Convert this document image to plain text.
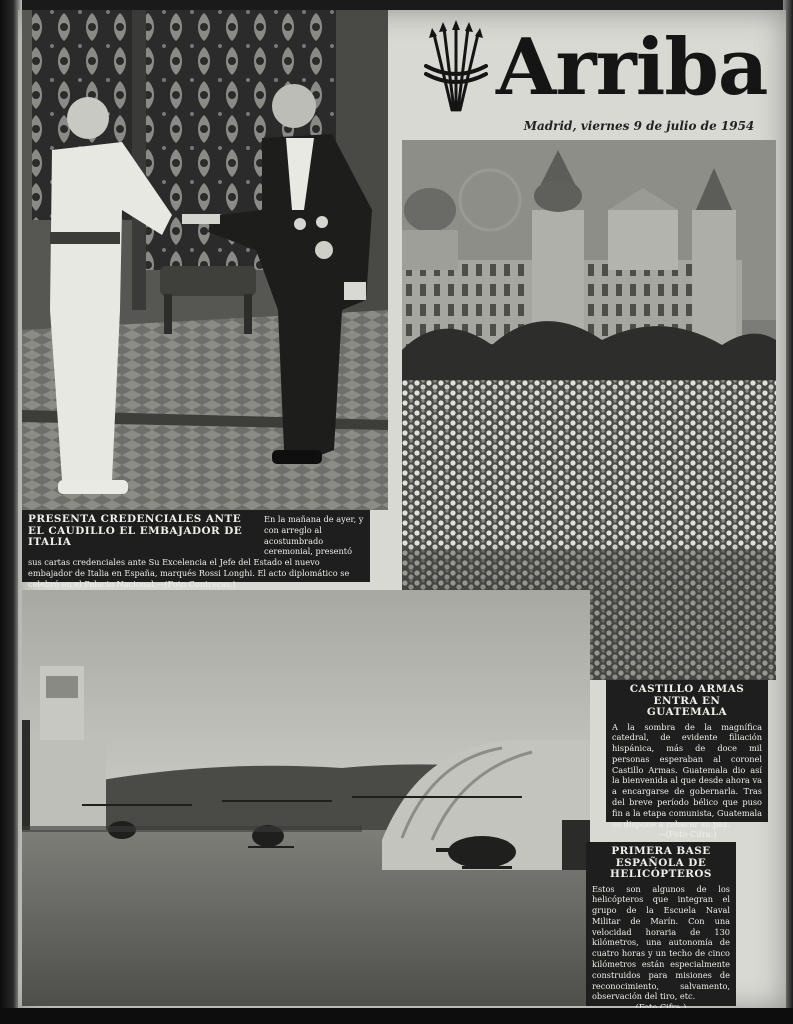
PRESENTA CREDENCIALES ANTE EL CAUDILLO EL EMBAJADOR DE ITALIA
En la mañana de ayer, y con arreglo al acostumbrado ceremonial, presentó sus cartas credenciales ante Su Excelencia el Jefe del Estado el nuevo embajador de Italia en España, marqués Rossi Longhi. El acto diplomático se celebró en el Palacio Nacional.—(Foto Contreras.)
Arriba
Madrid, viernes 9 de julio de 1954
CASTILLO ARMAS ENTRA EN GUATEMALA
A la sombra de la magnífica catedral, de evidente filiación hispánica, más de doce mil personas esperaban al coronel Castillo Armas. Guatemala dio así la bienvenida al que desde ahora va a encargarse de gobernarla. Tras del breve período bélico que puso fin a la etapa comunista, Guatemala se dispone a rehacer su paz.
—(Foto Cifra.)
PRIMERA BASE ESPAÑOLA DE HELICÓPTEROS
Estos son algunos de los helicópteros que integran el grupo de la Escuela Naval Militar de Marín. Con una velocidad horaria de 130 kilómetros, una autonomía de cuatro horas y un techo de cinco kilómetros están especialmente construidos para misiones de reconocimiento, salvamento, observación del tiro, etc.
